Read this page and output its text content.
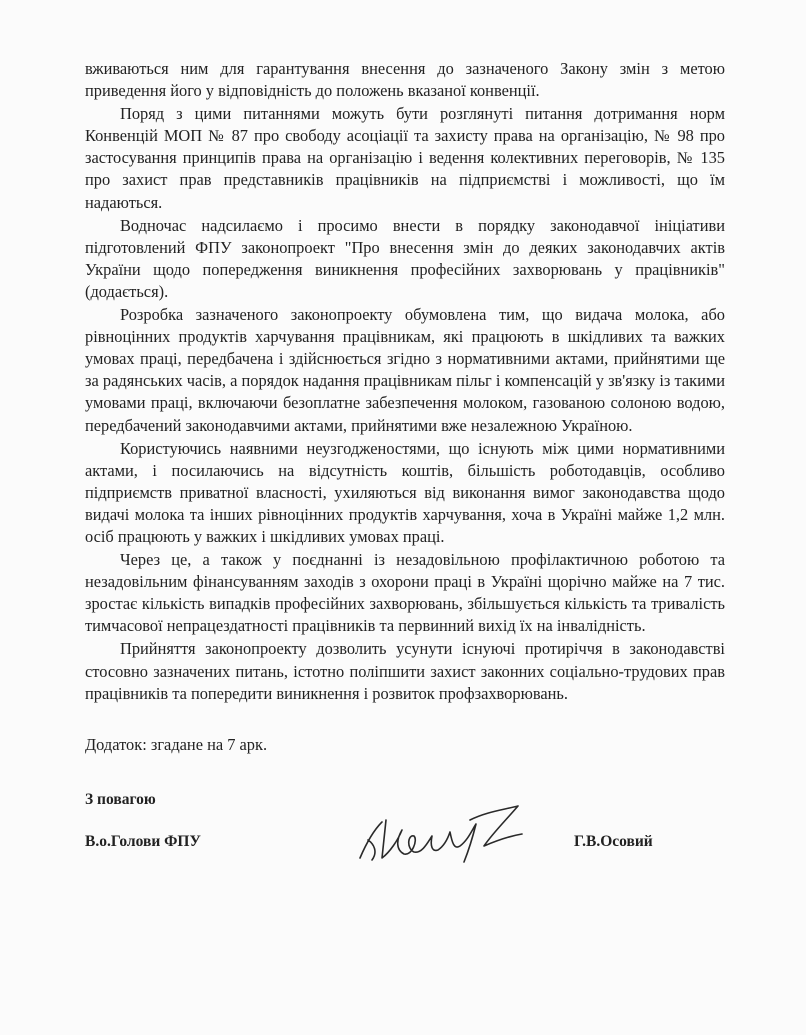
вживаються ним для гарантування внесення до зазначеного Закону змін з метою приведення його у відповідність до положень вказаної конвенції.

Поряд з цими питаннями можуть бути розглянуті питання дотримання норм Конвенцій МОП № 87 про свободу асоціації та захисту права на організацію, № 98 про застосування принципів права на організацію і ведення колективних переговорів, № 135 про захист прав представників працівників на підприємстві і можливості, що їм надаються.

Водночас надсилаємо і просимо внести в порядку законодавчої ініціативи підготовлений ФПУ законопроект "Про внесення змін до деяких законодавчих актів України щодо попередження виникнення професійних захворювань у працівників" (додається).

Розробка зазначеного законопроекту обумовлена тим, що видача молока, або рівноцінних продуктів харчування працівникам, які працюють в шкідливих та важких умовах праці, передбачена і здійснюється згідно з нормативними актами, прийнятими ще за радянських часів, а порядок надання працівникам пільг і компенсацій у зв'язку із такими умовами праці, включаючи безоплатне забезпечення молоком, газованою солоною водою, передбачений законодавчими актами, прийнятими вже незалежною Україною.

Користуючись наявними неузгодженостями, що існують між цими нормативними актами, і посилаючись на відсутність коштів, більшість роботодавців, особливо підприємств приватної власності, ухиляються від виконання вимог законодавства щодо видачі молока та інших рівноцінних продуктів харчування, хоча в Україні майже 1,2 млн. осіб працюють у важких і шкідливих умовах праці.

Через це, а також у поєднанні із незадовільною профілактичною роботою та незадовільним фінансуванням заходів з охорони праці в Україні щорічно майже на 7 тис. зростає кількість випадків професійних захворювань, збільшується кількість та тривалість тимчасової непрацездатності працівників та первинний вихід їх на інвалідність.

Прийняття законопроекту дозволить усунути існуючі протиріччя в законодавстві стосовно зазначених питань, істотно поліпшити захист законних соціально-трудових прав працівників та попередити виникнення і розвиток профзахворювань.

Додаток: згадане на 7 арк.
З повагою
В.о.Голови ФПУ	Г.В.Осовий
